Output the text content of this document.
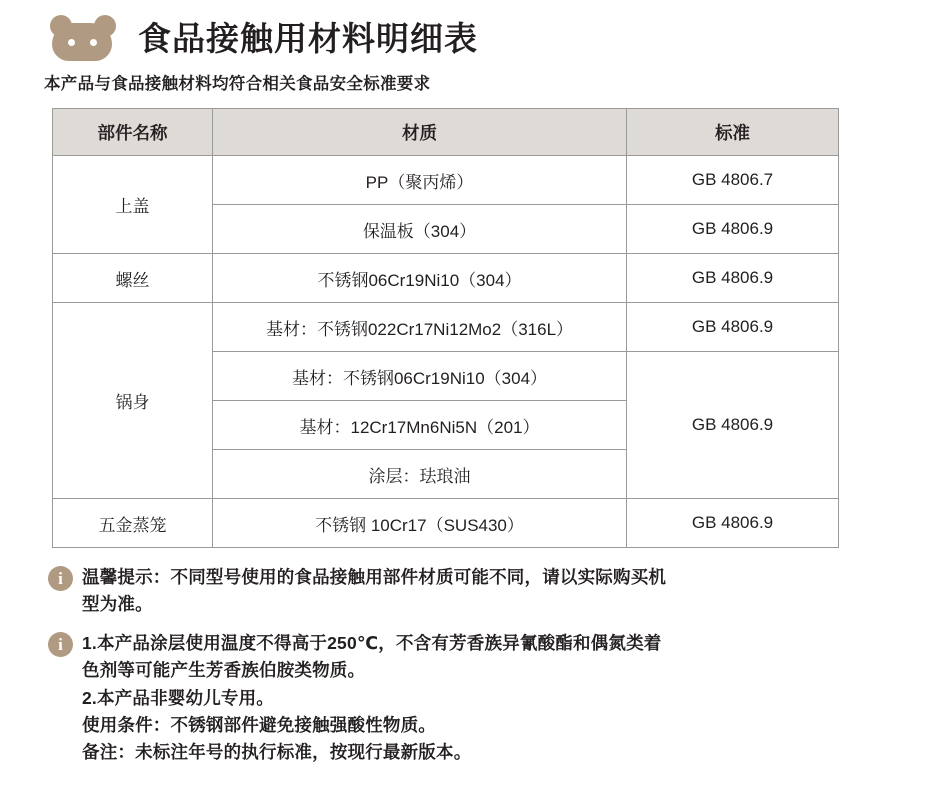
食品接触用材料明细表
本产品与食品接触材料均符合相关食品安全标准要求
部件名称	材质	标准
上盖	PP（聚丙烯）	GB 4806.7
	保温板（304）	GB 4806.9
螺丝	不锈钢06Cr19Ni10（304）	GB 4806.9
锅身	基材：不锈钢022Cr17Ni12Mo2（316L）	GB 4806.9
	基材：不锈钢06Cr19Ni10（304）	GB 4806.9
	基材：12Cr17Mn6Ni5N（201）	
	涂层：珐琅油	
五金蒸笼	不锈钢 10Cr17（SUS430）	GB 4806.9
i	温馨提示：不同型号使用的食品接触用部件材质可能不同，请以实际购买机
型为准。
i	1.本产品涂层使用温度不得高于250℃，不含有芳香族异氰酸酯和偶氮类着
色剂等可能产生芳香族伯胺类物质。
2.本产品非婴幼儿专用。
使用条件：不锈钢部件避免接触强酸性物质。
备注：未标注年号的执行标准，按现行最新版本。
